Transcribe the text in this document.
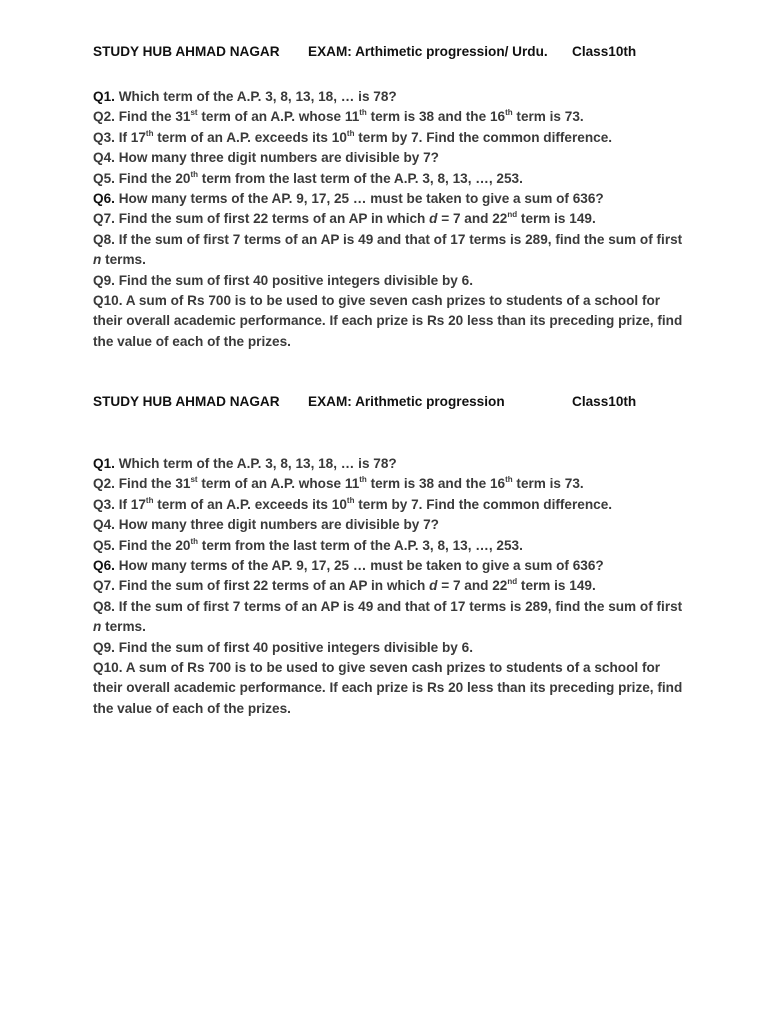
STUDY HUB AHMAD NAGAR EXAM: Arthimetic progression/ Urdu. Class10th
Q1. Which term of the A.P. 3, 8, 13, 18, … is 78?
Q2. Find the 31st term of an A.P. whose 11th term is 38 and the 16th term is 73.
Q3. If 17th term of an A.P. exceeds its 10th term by 7. Find the common difference.
Q4. How many three digit numbers are divisible by 7?
Q5. Find the 20th term from the last term of the A.P. 3, 8, 13, …, 253.
Q6. How many terms of the AP. 9, 17, 25 … must be taken to give a sum of 636?
Q7. Find the sum of first 22 terms of an AP in which d = 7 and 22nd term is 149.
Q8. If the sum of first 7 terms of an AP is 49 and that of 17 terms is 289, find the sum of first n terms.
Q9. Find the sum of first 40 positive integers divisible by 6.
Q10. A sum of Rs 700 is to be used to give seven cash prizes to students of a school for their overall academic performance. If each prize is Rs 20 less than its preceding prize, find the value of each of the prizes.
STUDY HUB AHMAD NAGAR EXAM: Arithmetic progression	Class10th
Q1. Which term of the A.P. 3, 8, 13, 18, … is 78?
Q2. Find the 31st term of an A.P. whose 11th term is 38 and the 16th term is 73.
Q3. If 17th term of an A.P. exceeds its 10th term by 7. Find the common difference.
Q4. How many three digit numbers are divisible by 7?
Q5. Find the 20th term from the last term of the A.P. 3, 8, 13, …, 253.
Q6. How many terms of the AP. 9, 17, 25 … must be taken to give a sum of 636?
Q7. Find the sum of first 22 terms of an AP in which d = 7 and 22nd term is 149.
Q8. If the sum of first 7 terms of an AP is 49 and that of 17 terms is 289, find the sum of first n terms.
Q9. Find the sum of first 40 positive integers divisible by 6.
Q10. A sum of Rs 700 is to be used to give seven cash prizes to students of a school for their overall academic performance. If each prize is Rs 20 less than its preceding prize, find the value of each of the prizes.
